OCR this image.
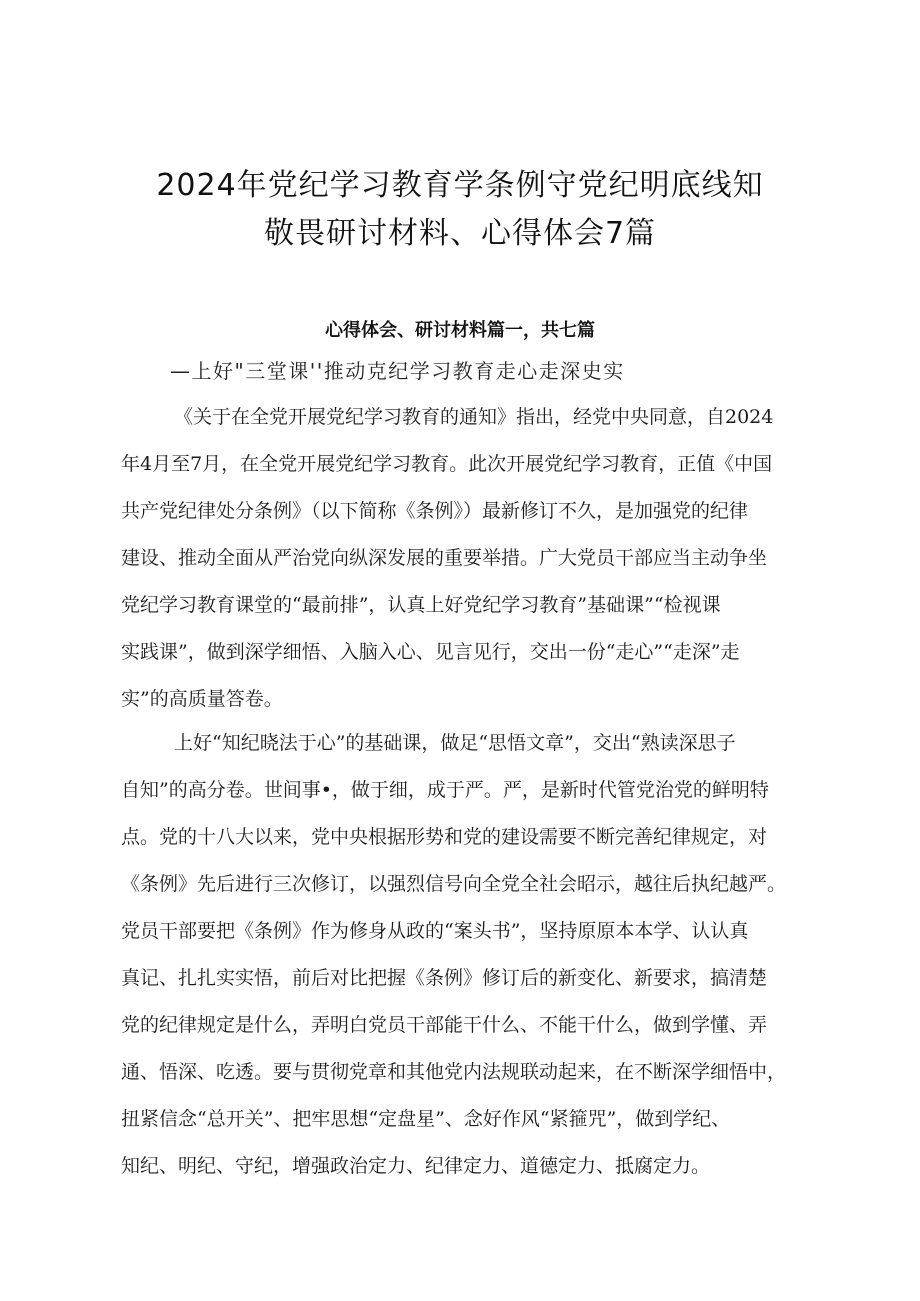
2024年党纪学习教育学条例守党纪明底线知
敬畏研讨材料、心得体会7篇
心得体会、研讨材料篇一，共七篇
—上好"三堂课''推动克纪学习教育走心走深史实
《关于在全党开展党纪学习教育的通知》指出，经党中央同意，自2024
年4月至7月，在全党开展党纪学习教育。此次开展党纪学习教育，正值《中国
共产党纪律处分条例》（以下简称《条例》）最新修订不久，是加强党的纪律
建设、推动全面从严治党向纵深发展的重要举措。广大党员干部应当主动争坐
党纪学习教育课堂的“最前排”，认真上好党纪学习教育”基础课”“检视课
实践课”，做到深学细悟、入脑入心、见言见行，交出一份“走心”“走深”走
实”的高质量答卷。
上好“知纪晓法于心”的基础课，做足“思悟文章”，交出“熟读深思子
自知”的高分卷。世间事•，做于细，成于严。严，是新时代管党治党的鲜明特
点。党的十八大以来，党中央根据形势和党的建设需要不断完善纪律规定，对
《条例》先后进行三次修订，以强烈信号向全党全社会昭示，越往后执纪越严。
党员干部要把《条例》作为修身从政的“案头书”，坚持原原本本学、认认真
真记、扎扎实实悟，前后对比把握《条例》修订后的新变化、新要求，搞清楚
党的纪律规定是什么，弄明白党员干部能干什么、不能干什么，做到学懂、弄
通、悟深、吃透。要与贯彻党章和其他党内法规联动起来，在不断深学细悟中，
扭紧信念“总开关”、把牢思想“定盘星”、念好作风“紧箍咒”，做到学纪、
知纪、明纪、守纪，增强政治定力、纪律定力、道德定力、抵腐定力。
